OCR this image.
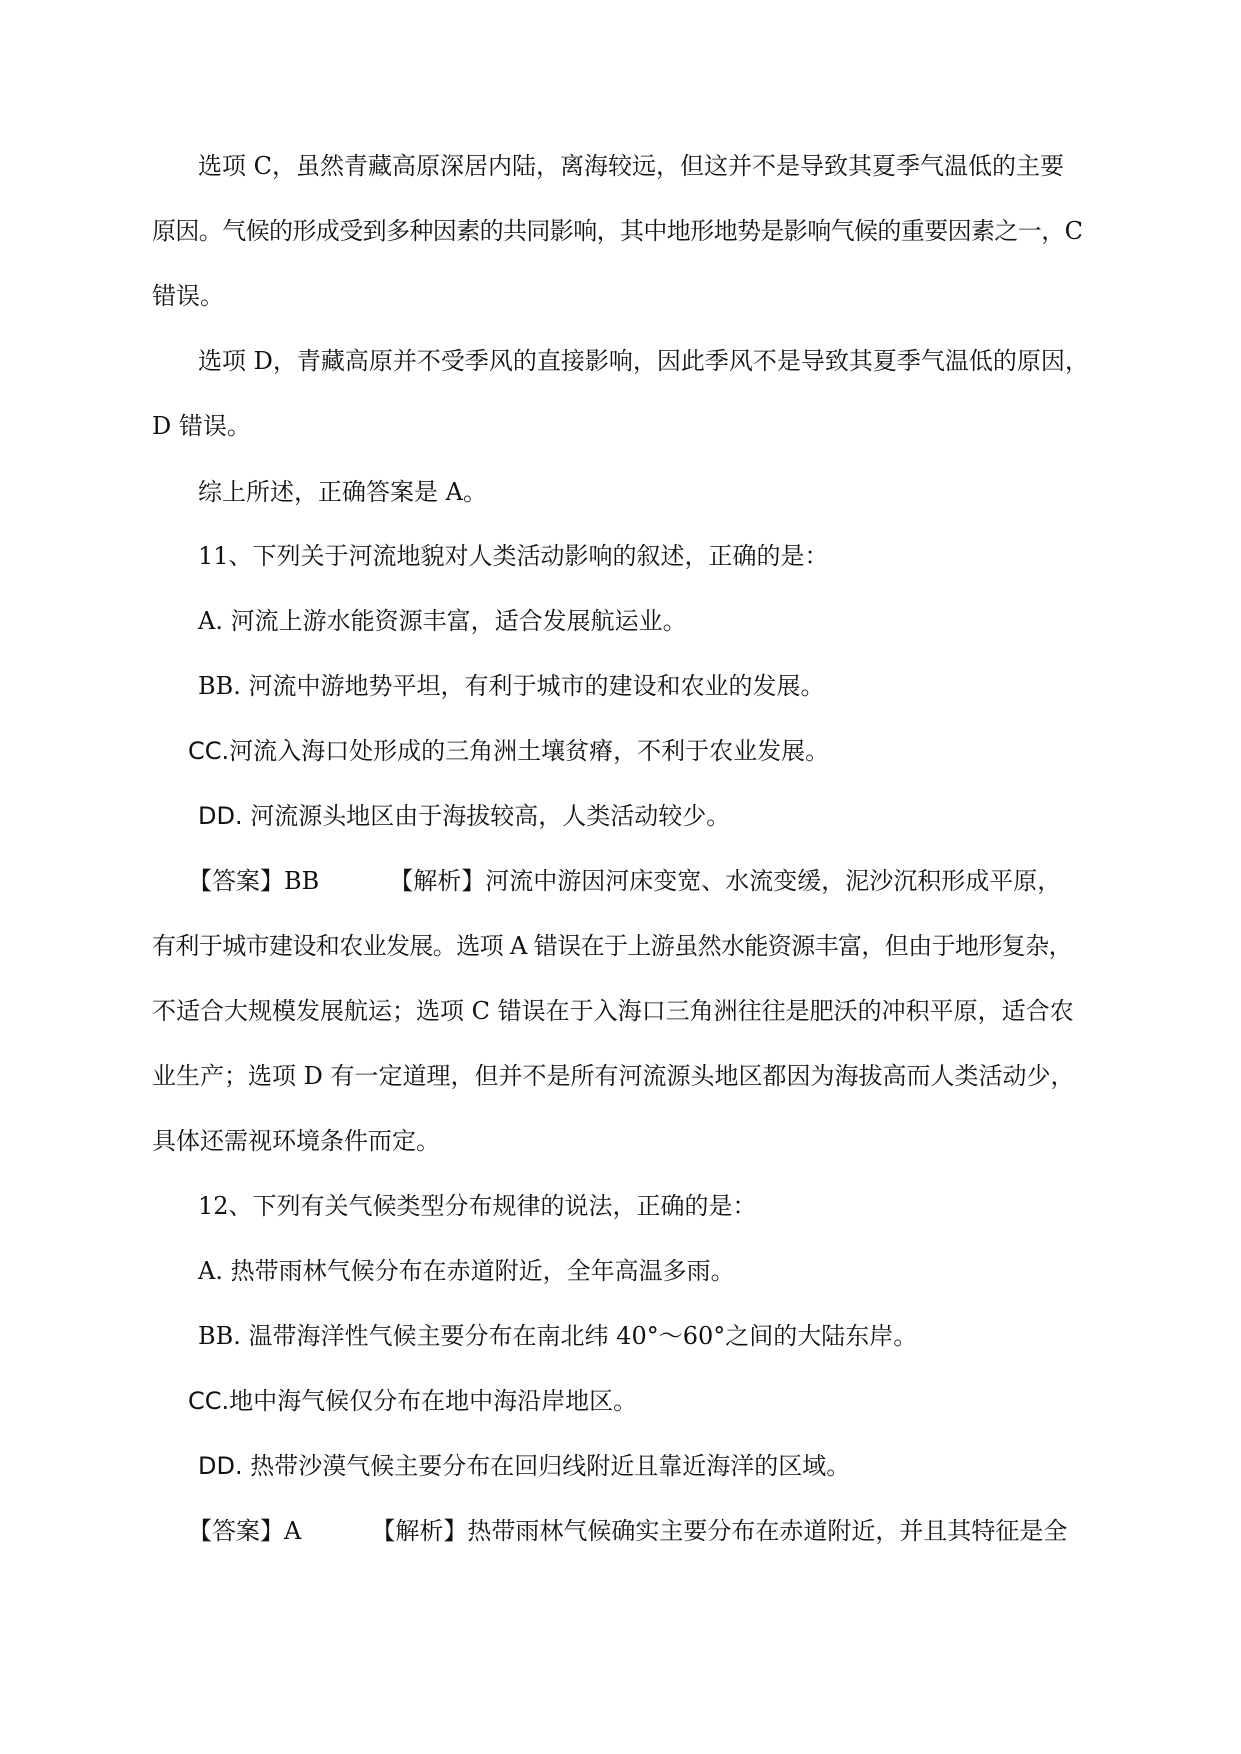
选项 C，虽然青藏高原深居内陆，离海较远，但这并不是导致其夏季气温低的主要
原因。气候的形成受到多种因素的共同影响，其中地形地势是影响气候的重要因素之一，C
错误。
选项 D，青藏高原并不受季风的直接影响，因此季风不是导致其夏季气温低的原因，
D 错误。
综上所述，正确答案是 A。
11、下列关于河流地貌对人类活动影响的叙述，正确的是：
A. 河流上游水能资源丰富，适合发展航运业。
BB. 河流中游地势平坦，有利于城市的建设和农业的发展。
CC.河流入海口处形成的三角洲土壤贫瘠，不利于农业发展。
DD. 河流源头地区由于海拔较高，人类活动较少。
【答案】BB	【解析】河流中游因河床变宽、水流变缓，泥沙沉积形成平原，
有利于城市建设和农业发展。选项 A 错误在于上游虽然水能资源丰富，但由于地形复杂，
不适合大规模发展航运；选项 C 错误在于入海口三角洲往往是肥沃的冲积平原，适合农
业生产；选项 D 有一定道理，但并不是所有河流源头地区都因为海拔高而人类活动少，
具体还需视环境条件而定。
12、下列有关气候类型分布规律的说法，正确的是：
A. 热带雨林气候分布在赤道附近，全年高温多雨。
BB. 温带海洋性气候主要分布在南北纬 40°～60°之间的大陆东岸。
CC.地中海气候仅分布在地中海沿岸地区。
DD. 热带沙漠气候主要分布在回归线附近且靠近海洋的区域。
【答案】A	【解析】热带雨林气候确实主要分布在赤道附近，并且其特征是全
